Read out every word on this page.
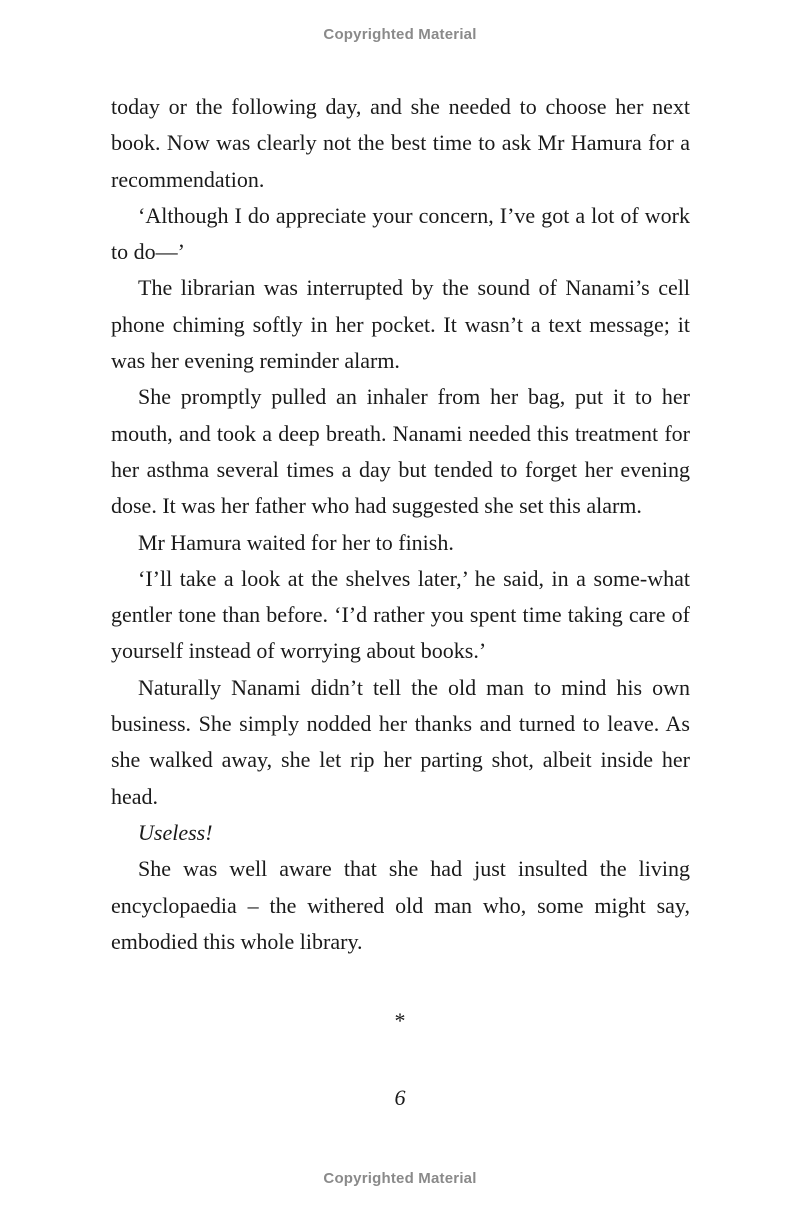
Copyrighted Material

today or the following day, and she needed to choose her next book. Now was clearly not the best time to ask Mr Hamura for a recommendation.

‘Although I do appreciate your concern, I’ve got a lot of work to do—’

The librarian was interrupted by the sound of Nanami’s cell phone chiming softly in her pocket. It wasn’t a text message; it was her evening reminder alarm.

She promptly pulled an inhaler from her bag, put it to her mouth, and took a deep breath. Nanami needed this treatment for her asthma several times a day but tended to forget her evening dose. It was her father who had suggested she set this alarm.

Mr Hamura waited for her to finish.

‘I’ll take a look at the shelves later,’ he said, in a some-what gentler tone than before. ‘I’d rather you spent time taking care of yourself instead of worrying about books.’

Naturally Nanami didn’t tell the old man to mind his own business. She simply nodded her thanks and turned to leave. As she walked away, she let rip her parting shot, albeit inside her head.

Useless!

She was well aware that she had just insulted the living encyclopaedia – the withered old man who, some might say, embodied this whole library.

*
6
Copyrighted Material
